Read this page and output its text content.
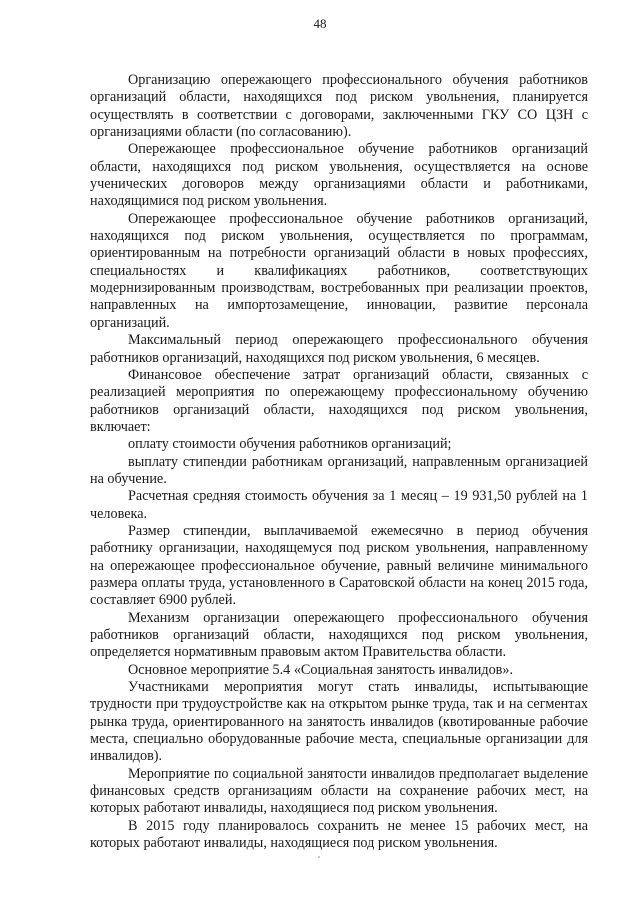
48

Организацию опережающего профессионального обучения работников организаций области, находящихся под риском увольнения, планируется осуществлять в соответствии с договорами, заключенными ГКУ СО ЦЗН с организациями области (по согласованию).

Опережающее профессиональное обучение работников организаций области, находящихся под риском увольнения, осуществляется на основе ученических договоров между организациями области и работниками, находящимися под риском увольнения.

Опережающее профессиональное обучение работников организаций, находящихся под риском увольнения, осуществляется по программам, ориентированным на потребности организаций области в новых профессиях, специальностях и квалификациях работников, соответствующих модернизированным производствам, востребованных при реализации проектов, направленных на импортозамещение, инновации, развитие персонала организаций.

Максимальный период опережающего профессионального обучения работников организаций, находящихся под риском увольнения, 6 месяцев.

Финансовое обеспечение затрат организаций области, связанных с реализацией мероприятия по опережающему профессиональному обучению работников организаций области, находящихся под риском увольнения, включает:

оплату стоимости обучения работников организаций;

выплату стипендии работникам организаций, направленным организацией на обучение.

Расчетная средняя стоимость обучения за 1 месяц – 19 931,50 рублей на 1 человека.

Размер стипендии, выплачиваемой ежемесячно в период обучения работнику организации, находящемуся под риском увольнения, направленному на опережающее профессиональное обучение, равный величине минимального размера оплаты труда, установленного в Саратовской области на конец 2015 года, составляет 6900 рублей.

Механизм организации опережающего профессионального обучения работников организаций области, находящихся под риском увольнения, определяется нормативным правовым актом Правительства области.

Основное мероприятие 5.4 «Социальная занятость инвалидов».

Участниками мероприятия могут стать инвалиды, испытывающие трудности при трудоустройстве как на открытом рынке труда, так и на сегментах рынка труда, ориентированного на занятость инвалидов (квотированные рабочие места, специально оборудованные рабочие места, специальные организации для инвалидов).

Мероприятие по социальной занятости инвалидов предполагает выделение финансовых средств организациям области на сохранение рабочих мест, на которых работают инвалиды, находящиеся под риском увольнения.

В 2015 году планировалось сохранить не менее 15 рабочих мест, на которых работают инвалиды, находящиеся под риском увольнения.
